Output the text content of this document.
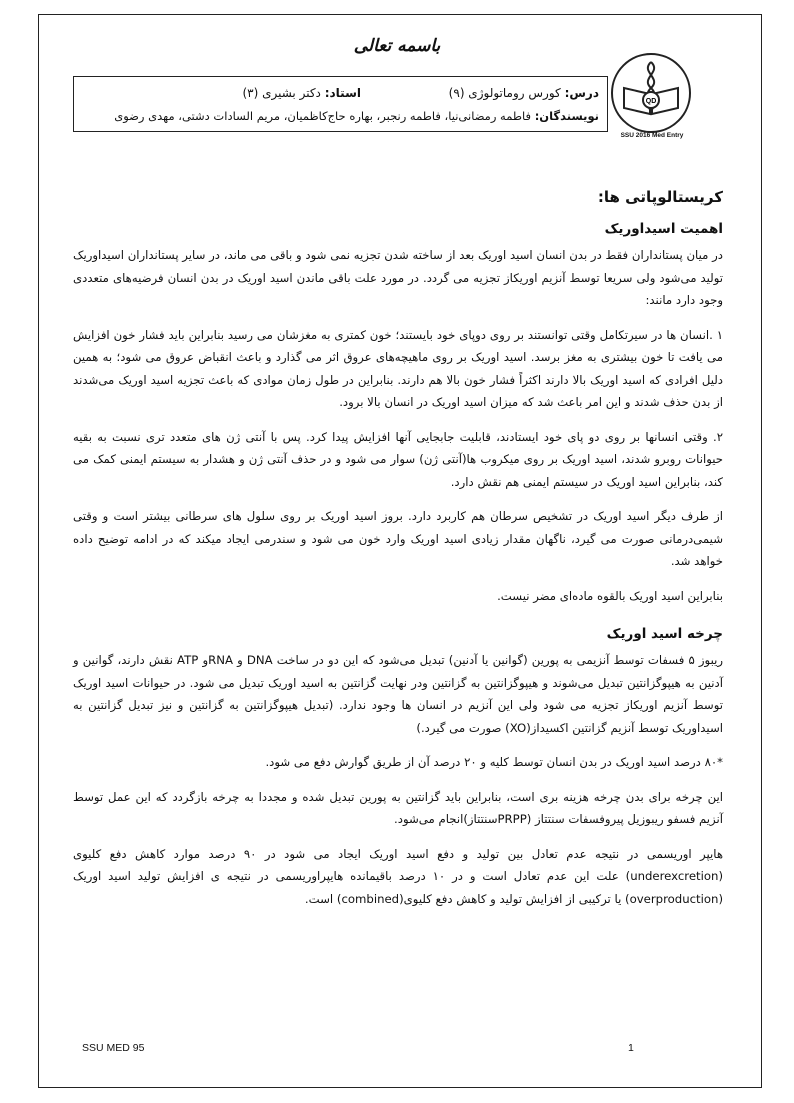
باسمه تعالی
QD
SSU 2016 Med Entry
درس: کورس روماتولوژی (۹)
استاد: دکتر بشیری (۳)
نویسندگان: فاطمه رمضانی‌نیا، فاطمه رنجبر، بهاره حاج‌کاظمیان، مریم السادات دشتی، مهدی رضوی
کریستالوپاتی ها:
اهمیت اسیداوریک

در میان پستانداران فقط در بدن انسان اسید اوریک بعد از ساخته شدن تجزیه نمی شود و باقی می ماند، در سایر پستانداران اسیداوریک تولید می‌شود ولی سریعا توسط آنزیم اوریکاز تجزیه می گردد. در مورد علت باقی ماندن اسید اوریک در بدن انسان فرضیه‌های متعددی وجود دارد مانند:

۱ .انسان ها در سیرتکامل وقتی توانستند بر روی دوپای خود بایستند؛ خون کمتری به مغزشان می رسید بنابراین باید فشار خون افزایش می یافت تا خون بیشتری به مغز برسد. اسید اوریک بر روی ماهیچه‌های عروق اثر می گذارد و باعث انقباض عروق می شود؛ به همین دلیل افرادی که اسید اوریک بالا دارند اکثراً فشار خون بالا هم دارند. بنابراین در طول زمان موادی که باعث تجزیه اسید اوریک می‌شدند از بدن حذف شدند و این امر باعث شد که میزان اسید اوریک در انسان بالا برود.

۲. وقتی انسانها بر روی دو پای خود ایستادند، قابلیت جابجایی آنها افزایش پیدا کرد. پس با آنتی ژن های متعدد تری نسبت به بقیه حیوانات روبرو شدند، اسید اوریک بر روی میکروب ها(آنتی ژن) سوار می شود و در حذف آنتی ژن و هشدار به سیستم ایمنی کمک می کند، بنابراین اسید اوریک در سیستم ایمنی هم نقش دارد.

از طرف دیگر اسید اوریک در تشخیص سرطان هم کاربرد دارد. بروز اسید اوریک بر روی سلول های سرطانی بیشتر است و وقتی شیمی‌درمانی صورت می گیرد، ناگهان مقدار زیادی اسید اوریک وارد خون می شود و سندرمی ایجاد میکند که در ادامه توضیح داده خواهد شد.

بنابراین اسید اوریک بالقوه ماده‌ای مضر نیست.

چرخه اسید اوریک

ریبوز ۵ فسفات توسط آنزیمی به پورین (گوانین یا آدنین) تبدیل می‌شود که این دو در ساخت DNA و RNAو ATP نقش دارند، گوانین و آدنین به هیپوگزانتین تبدیل می‌شوند و هیپوگزانتین به گزانتین ودر نهایت گزانتین به اسید اوریک تبدیل می شود. در حیوانات اسید اوریک توسط آنزیم اوریکاز تجزیه می شود ولی این آنزیم در انسان ها وجود ندارد. (تبدیل هیپوگزانتین به گزانتین و نیز تبدیل گزانتین به اسیداوریک توسط آنزیم گزانتین اکسیداز(XO) صورت می گیرد.)

*۸۰ درصد اسید اوریک در بدن انسان توسط کلیه و ۲۰ درصد آن از طریق گوارش دفع می شود.

این چرخه برای بدن چرخه هزینه بری است، بنابراین باید گزانتین به پورین تبدیل شده و مجددا به چرخه بازگردد که این عمل توسط آنزیم فسفو ریبوزیل پیروفسفات سنتتاز (PRPPسنتتاز)انجام می‌شود.

هایپر اوریسمی در نتیجه عدم تعادل بین تولید و دفع اسید اوریک ایجاد می شود در ۹۰ درصد موارد کاهش دفع کلیوی (underexcretion) علت این عدم تعادل است و در ۱۰ درصد باقیمانده هایپراوریسمی در نتیجه ی افزایش تولید اسید اوریک (overproduction) یا ترکیبی از افزایش تولید و کاهش دفع کلیوی(combined) است.

SSU MED 95	1
